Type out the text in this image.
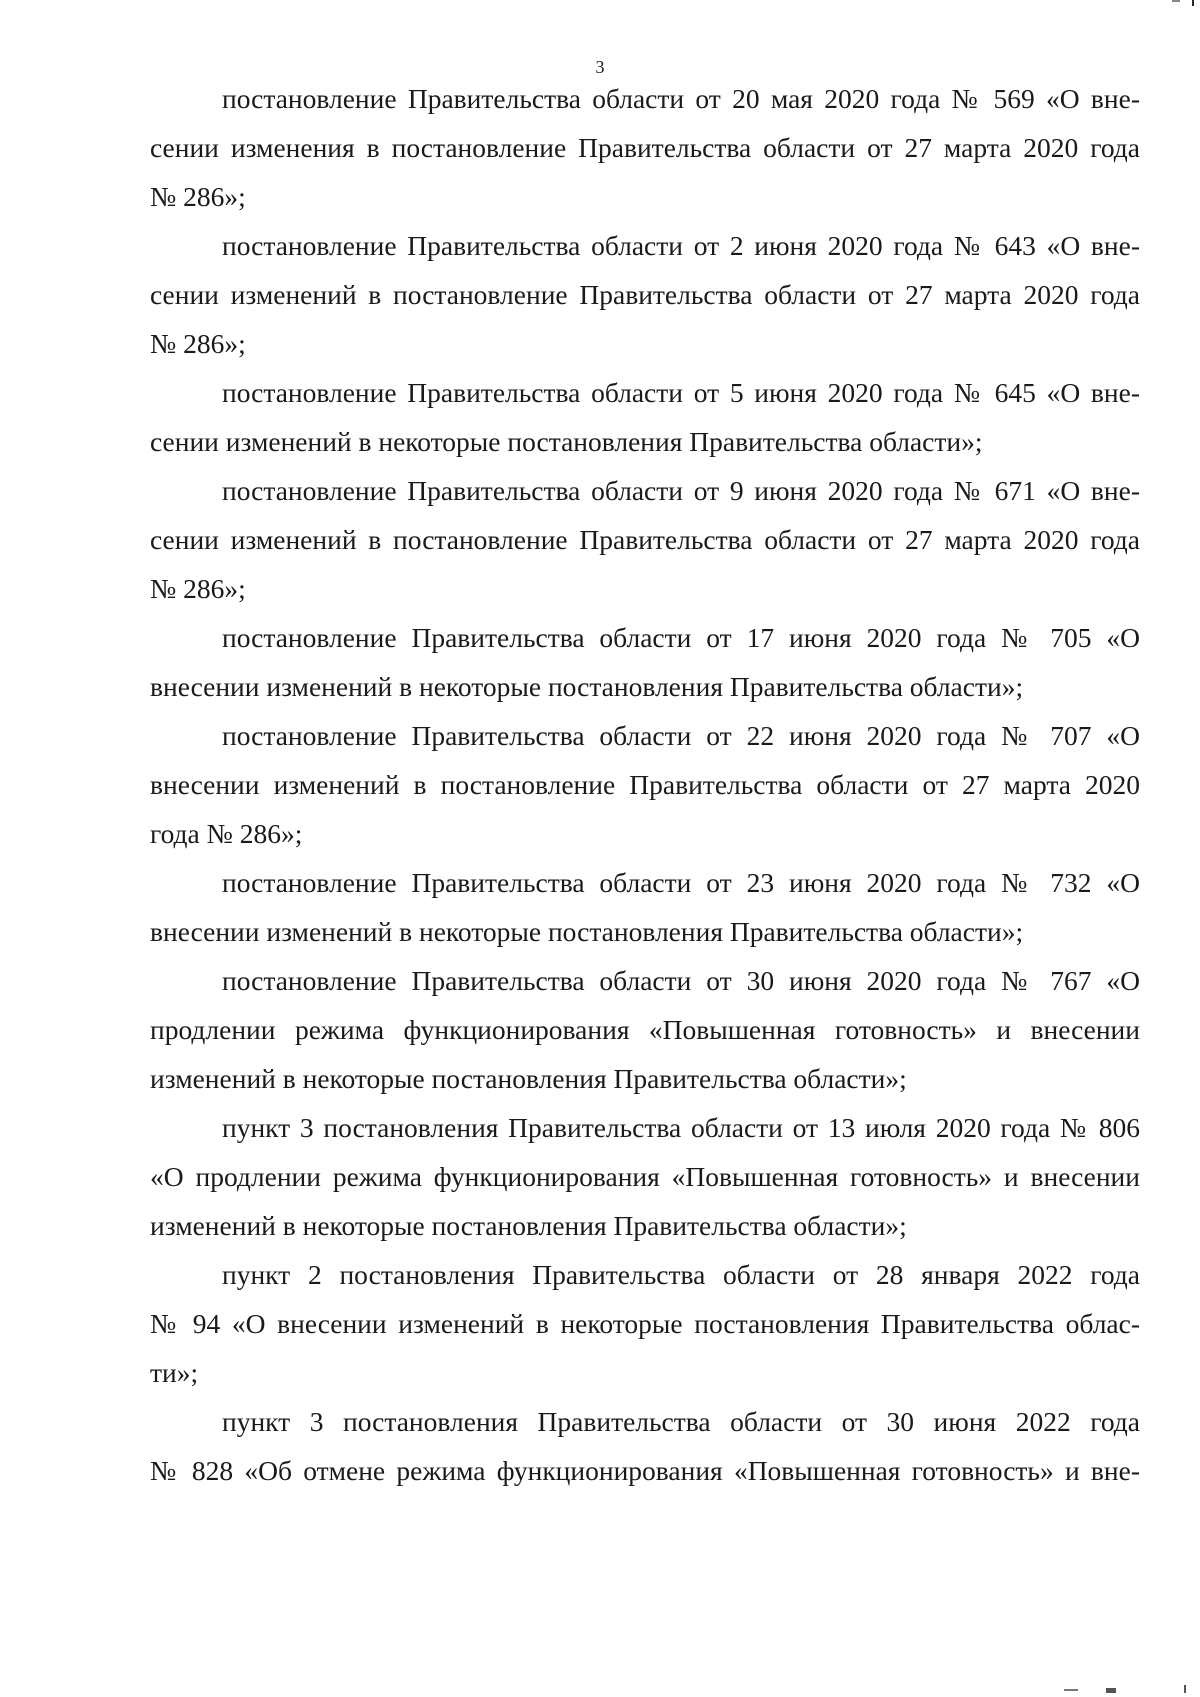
3
постановление Правительства области от 20 мая 2020 года № 569 «О вне-
сении изменения в постановление Правительства области от 27 марта 2020 года
№ 286»;
постановление Правительства области от 2 июня 2020 года № 643 «О вне-
сении изменений в постановление Правительства области от 27 марта 2020 года
№ 286»;
постановление Правительства области от 5 июня 2020 года № 645 «О вне-
сении изменений в некоторые постановления Правительства области»;
постановление Правительства области от 9 июня 2020 года № 671 «О вне-
сении изменений в постановление Правительства области от 27 марта 2020 года
№ 286»;
постановление Правительства области от 17 июня 2020 года № 705 «О
внесении изменений в некоторые постановления Правительства области»;
постановление Правительства области от 22 июня 2020 года № 707 «О
внесении изменений в постановление Правительства области от 27 марта 2020
года № 286»;
постановление Правительства области от 23 июня 2020 года № 732 «О
внесении изменений в некоторые постановления Правительства области»;
постановление Правительства области от 30 июня 2020 года № 767 «О
продлении режима функционирования «Повышенная готовность» и внесении
изменений в некоторые постановления Правительства области»;
пункт 3 постановления Правительства области от 13 июля 2020 года № 806
«О продлении режима функционирования «Повышенная готовность» и внесении
изменений в некоторые постановления Правительства области»;
пункт 2 постановления Правительства области от 28 января 2022 года
№ 94 «О внесении изменений в некоторые постановления Правительства облас-
ти»;
пункт 3 постановления Правительства области от 30 июня 2022 года
№ 828 «Об отмене режима функционирования «Повышенная готовность» и вне-
